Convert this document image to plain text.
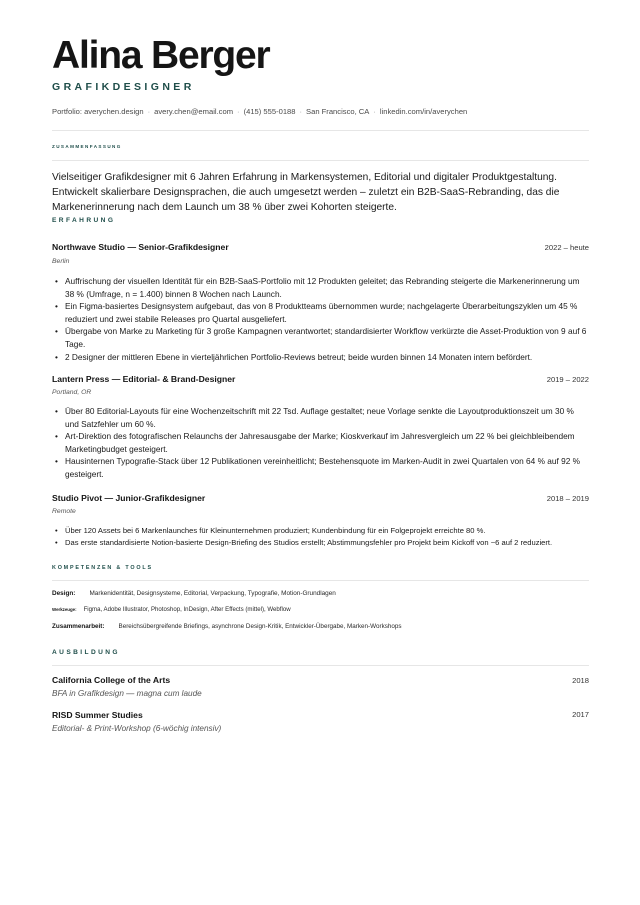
Alina Berger
GRAFIKDESIGNER
Portfolio: averychen.design · avery.chen@email.com · (415) 555-0188 · San Francisco, CA · linkedin.com/in/averychen
ZUSAMMENFASSUNG

Vielseitiger Grafikdesigner mit 6 Jahren Erfahrung in Markensystemen, Editorial und digitaler Produktgestaltung. Entwickelt skalierbare Designsprachen, die auch umgesetzt werden – zuletzt ein B2B-SaaS-Rebranding, das die Markenerinnerung nach dem Launch um 38 % über zwei Kohorten steigerte.

ERFAHRUNG
Northwave Studio — Senior-Grafikdesigner	2022 – heute
Berlin
• Auffrischung der visuellen Identität für ein B2B-SaaS-Portfolio mit 12 Produkten geleitet; das Rebranding steigerte die Markenerinnerung um 38 % (Umfrage, n = 1.400) binnen 8 Wochen nach Launch.
• Ein Figma-basiertes Designsystem aufgebaut, das von 8 Produktteams übernommen wurde; nachgelagerte Überarbeitungszyklen um 45 % reduziert und zwei stabile Releases pro Quartal ausgeliefert.
• Übergabe von Marke zu Marketing für 3 große Kampagnen verantwortet; standardisierter Workflow verkürzte die Asset-Produktion von 9 auf 6 Tage.
• 2 Designer der mittleren Ebene in vierteljährlichen Portfolio-Reviews betreut; beide wurden binnen 14 Monaten intern befördert.
Lantern Press — Editorial- & Brand-Designer	2019 – 2022
Portland, OR
• Über 80 Editorial-Layouts für eine Wochenzeitschrift mit 22 Tsd. Auflage gestaltet; neue Vorlage senkte die Layoutproduktionszeit um 30 % und Satzfehler um 60 %.
• Art-Direktion des fotografischen Relaunchs der Jahresausgabe der Marke; Kioskverkauf im Jahresvergleich um 22 % bei gleichbleibendem Marketingbudget gesteigert.
• Hausinternen Typografie-Stack über 12 Publikationen vereinheitlicht; Bestehensquote im Marken-Audit in zwei Quartalen von 64 % auf 92 % gesteigert.
Studio Pivot — Junior-Grafikdesigner	2018 – 2019
Remote
• Über 120 Assets bei 6 Markenlaunches für Kleinunternehmen produziert; Kundenbindung für ein Folgeprojekt erreichte 80 %.
• Das erste standardisierte Notion-basierte Design-Briefing des Studios erstellt; Abstimmungsfehler pro Projekt beim Kickoff von ~6 auf 2 reduziert.
KOMPETENZEN & TOOLS
Design: Markenidentität, Designsysteme, Editorial, Verpackung, Typografie, Motion-Grundlagen
Werkzeuge: Figma, Adobe Illustrator, Photoshop, InDesign, After Effects (mittel), Webflow
Zusammenarbeit: Bereichsübergreifende Briefings, asynchrone Design-Kritik, Entwickler-Übergabe, Marken-Workshops
AUSBILDUNG
California College of the Arts	2018
BFA in Grafikdesign — magna cum laude
RISD Summer Studies	2017
Editorial- & Print-Workshop (6-wöchig intensiv)
